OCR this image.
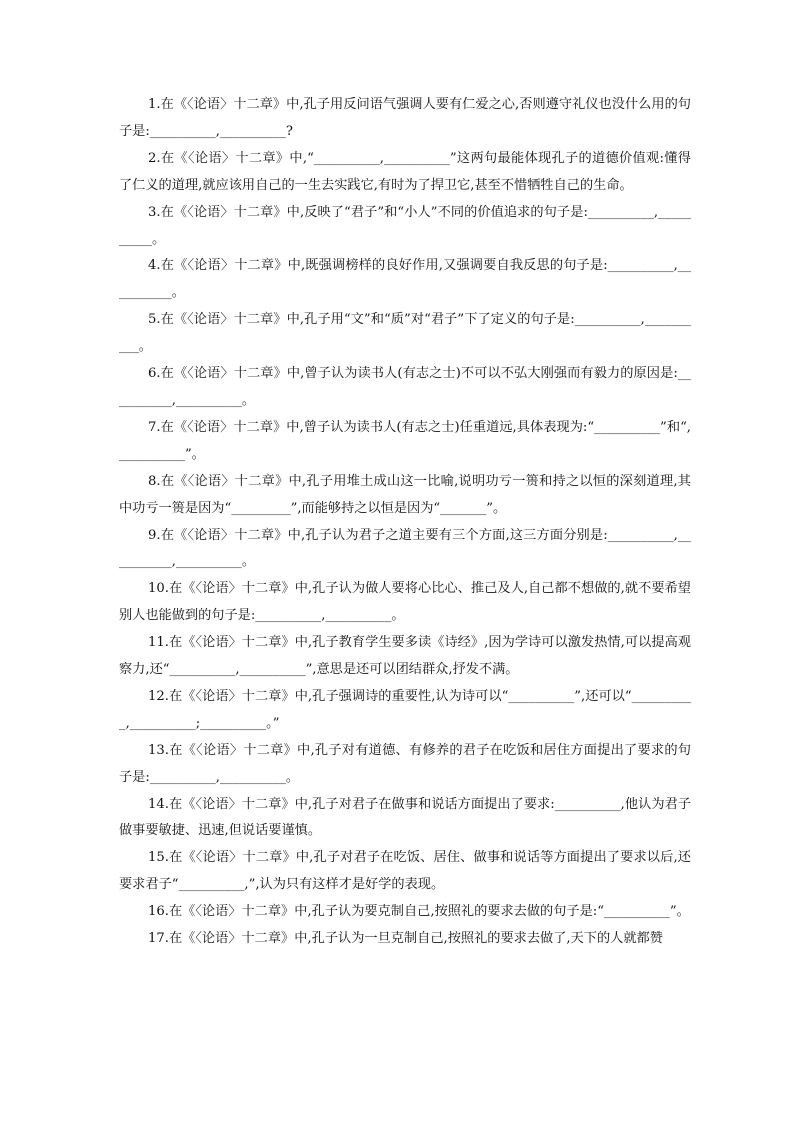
1.在《〈论语〉十二章》中,孔子用反问语气强调人要有仁爱之心,否则遵守礼仪也没什么用的句子是:__________,__________?

2.在《〈论语〉十二章》中,“__________,__________”这两句最能体现孔子的道德价值观:懂得了仁义的道理,就应该用自己的一生去实践它,有时为了捍卫它,甚至不惜牺牲自己的生命。

3.在《〈论语〉十二章》中,反映了“君子”和“小人”不同的价值追求的句子是:__________,__________。

4.在《〈论语〉十二章》中,既强调榜样的良好作用,又强调要自我反思的句子是:__________,__________。

5.在《〈论语〉十二章》中,孔子用“文”和“质”对“君子”下了定义的句子是:__________,__________。

6.在《〈论语〉十二章》中,曾子认为读书人(有志之士)不可以不弘大刚强而有毅力的原因是:__________,__________。

7.在《〈论语〉十二章》中,曾子认为读书人(有志之士)任重道远,具体表现为:“__________”和“,__________”。

8.在《〈论语〉十二章》中,孔子用堆土成山这一比喻,说明功亏一篑和持之以恒的深刻道理,其中功亏一篑是因为“_________”,而能够持之以恒是因为“_______”。

9.在《〈论语〉十二章》中,孔子认为君子之道主要有三个方面,这三方面分别是:__________,__________,__________。

10.在《〈论语〉十二章》中,孔子认为做人要将心比心、推己及人,自己都不想做的,就不要希望别人也能做到的句子是:__________,__________。

11.在《〈论语〉十二章》中,孔子教育学生要多读《诗经》,因为学诗可以激发热情,可以提高观察力,还“__________,__________”,意思是还可以团结群众,抒发不满。

12.在《〈论语〉十二章》中,孔子强调诗的重要性,认为诗可以“__________”,还可以“__________,__________;__________。”

13.在《〈论语〉十二章》中,孔子对有道德、有修养的君子在吃饭和居住方面提出了要求的句子是:__________,__________。

14.在《〈论语〉十二章》中,孔子对君子在做事和说话方面提出了要求:__________,他认为君子做事要敏捷、迅速,但说话要谨慎。

15.在《〈论语〉十二章》中,孔子对君子在吃饭、居住、做事和说话等方面提出了要求以后,还要求君子“__________,”,认为只有这样才是好学的表现。

16.在《〈论语〉十二章》中,孔子认为要克制自己,按照礼的要求去做的句子是:“__________”。

17.在《〈论语〉十二章》中,孔子认为一旦克制自己,按照礼的要求去做了,天下的人就都赞
